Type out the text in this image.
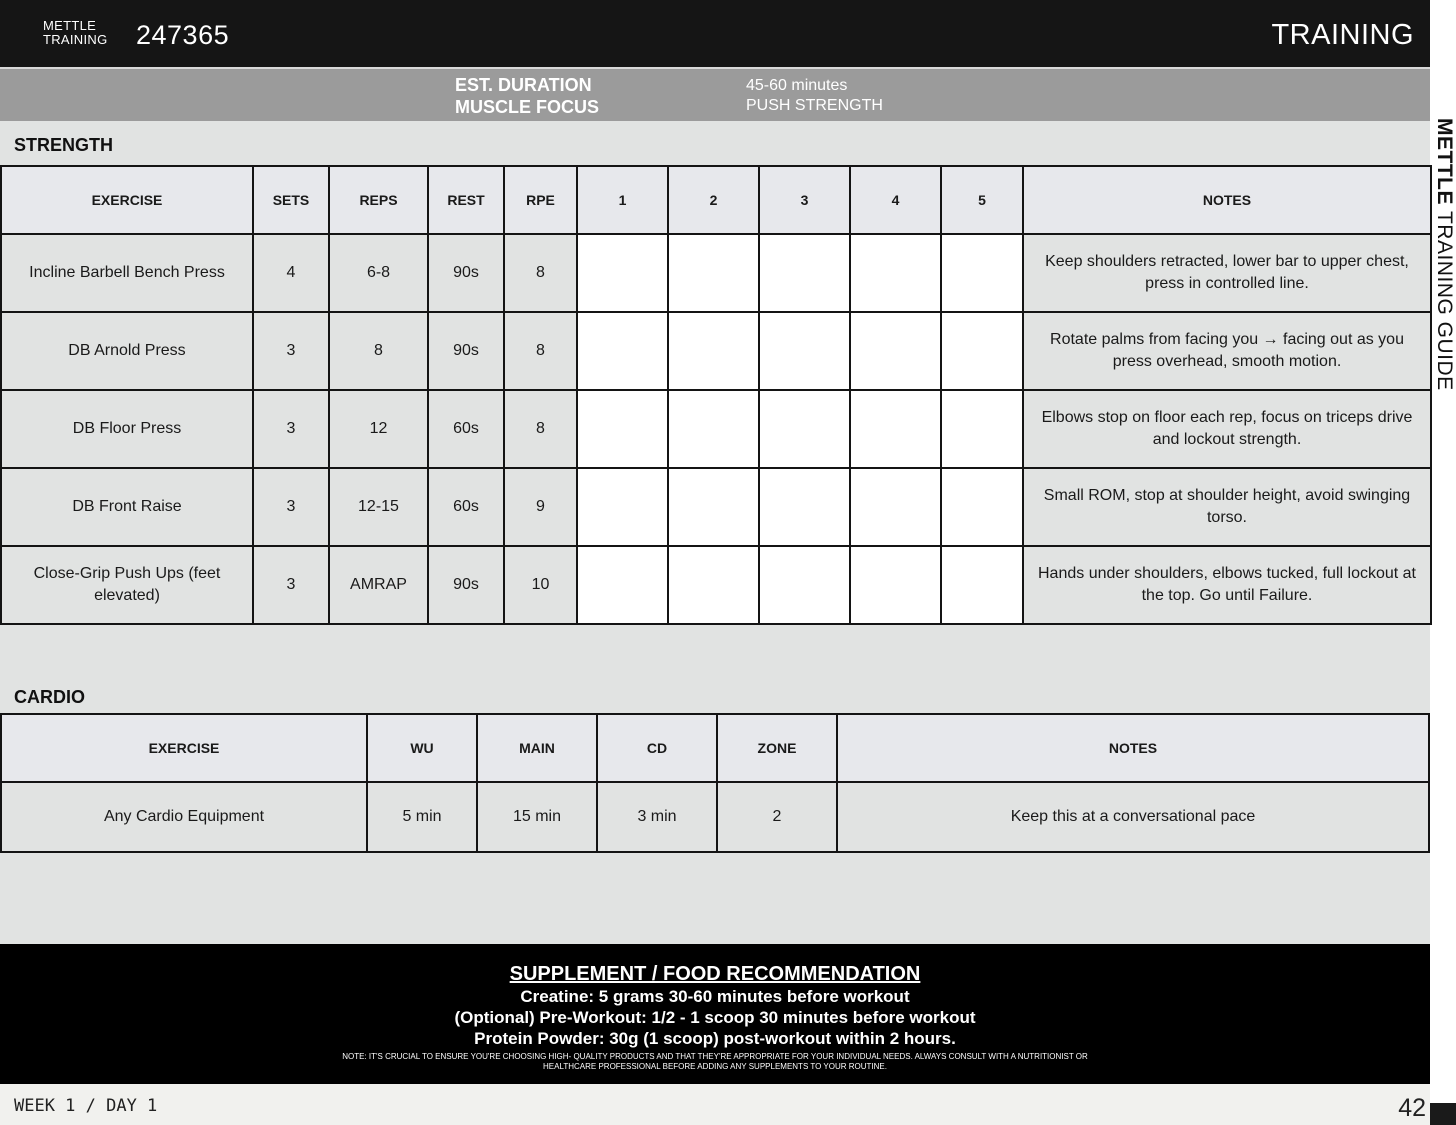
METTLE
TRAINING 247365	TRAINING
EST. DURATION
MUSCLE FOCUS
45-60 minutes
PUSH STRENGTH
METTLE TRAINING GUIDE
STRENGTH
EXERCISE	SETS	REPS	REST	RPE	1	2	3	4	5	NOTES
Incline Barbell Bench Press	4	6-8	90s	8						Keep shoulders retracted, lower bar to upper chest, press in controlled line.
DB Arnold Press	3	8	90s	8						Rotate palms from facing you → facing out as you press overhead, smooth motion.
DB Floor Press	3	12	60s	8						Elbows stop on floor each rep, focus on triceps drive and lockout strength.
DB Front Raise	3	12-15	60s	9						Small ROM, stop at shoulder height, avoid swinging torso.
Close-Grip Push Ups (feet elevated)	3	AMRAP	90s	10						Hands under shoulders, elbows tucked, full lockout at the top. Go until Failure.
CARDIO
EXERCISE	WU	MAIN	CD	ZONE	NOTES
Any Cardio Equipment	5 min	15 min	3 min	2	Keep this at a conversational pace
SUPPLEMENT / FOOD RECOMMENDATION
Creatine: 5 grams 30-60 minutes before workout
(Optional) Pre-Workout: 1/2 - 1 scoop 30 minutes before workout
Protein Powder: 30g (1 scoop) post-workout within 2 hours.
NOTE: IT'S CRUCIAL TO ENSURE YOU'RE CHOOSING HIGH- QUALITY PRODUCTS AND THAT THEY'RE APPROPRIATE FOR YOUR INDIVIDUAL NEEDS. ALWAYS CONSULT WITH A NUTRITIONIST OR HEALTHCARE PROFESSIONAL BEFORE ADDING ANY SUPPLEMENTS TO YOUR ROUTINE.
WEEK 1 / DAY 1	42
